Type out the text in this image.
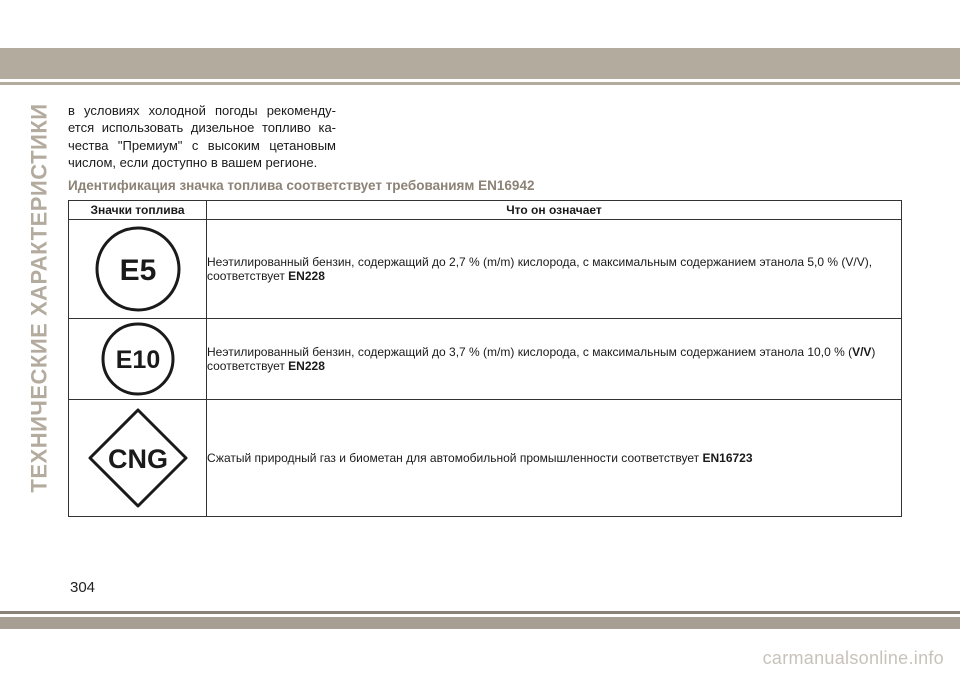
ТЕХНИЧЕСКИЕ ХАРАКТЕРИСТИКИ в условиях холодной погоды рекоменду-ется использовать дизельное топливо ка-чества "Премиум" с высоким цетановым числом, если доступно в вашем регионе.
Идентификация значка топлива соответствует требованиям EN16942
Значки топлива	Что он означает

E5	Неэтилированный бензин, содержащий до 2,7 % (m/m) кислорода, с максимальным содержанием этанола 5,0 % (V/V), соответствует EN228

E10	Неэтилированный бензин, содержащий до 3,7 % (m/m) кислорода, с максимальным содержанием этанола 10,0 % (V/V) соответствует EN228

CNG	Сжатый природный газ и биометан для автомобильной промышленности соответствует EN16723
304
carmanualsonline.info
